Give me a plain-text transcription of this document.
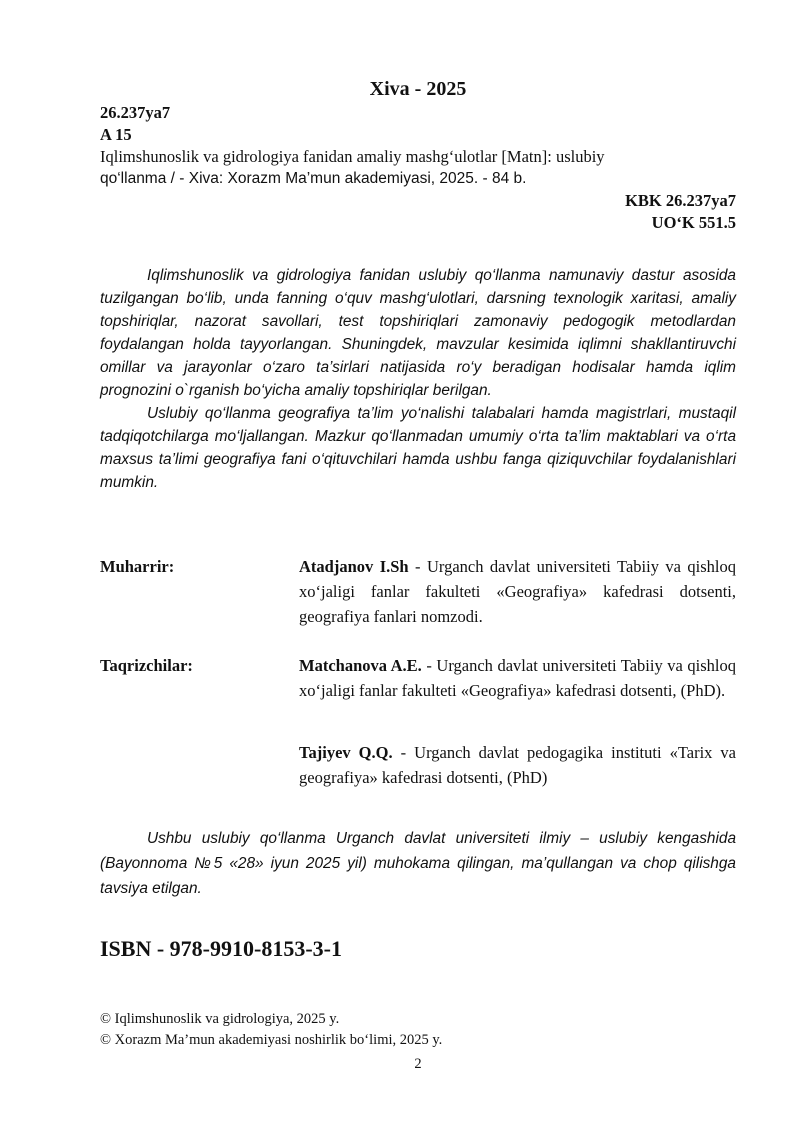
Xiva - 2025
26.237ya7
A 15
Iqlimshunoslik va gidrologiya fanidan amaliy mashg‘ulotlar [Matn]: uslubiy
qo‘llanma / - Xiva: Xorazm Ma’mun akademiyasi, 2025. - 84 b.
KBK 26.237ya7
UO‘K 551.5

Iqlimshunoslik va gidrologiya fanidan uslubiy qo‘llanma namunaviy dastur asosida tuzilgangan bo‘lib, unda fanning o‘quv mashg‘ulotlari, darsning texnologik xaritasi, amaliy topshiriqlar, nazorat savollari, test topshiriqlari zamonaviy pedogogik metodlardan foydalangan holda tayyorlangan. Shuningdek, mavzular kesimida iqlimni shakllantiruvchi omillar va jarayonlar o‘zaro ta’sirlari natijasida ro‘y beradigan hodisalar hamda iqlim prognozini o`rganish bo‘yicha amaliy topshiriqlar berilgan.

Uslubiy qo‘llanma geografiya ta’lim yo‘nalishi talabalari hamda magistrlari, mustaqil tadqiqotchilarga mo‘ljallangan. Mazkur qo‘llanmadan umumiy o‘rta ta’lim maktablari va o‘rta maxsus ta’limi geografiya fani o‘qituvchilari hamda ushbu fanga qiziquvchilar foydalanishlari mumkin.

Muharrir:	Atadjanov I.Sh - Urganch davlat universiteti Tabiiy va qishloq xo‘jaligi fanlar fakulteti «Geografiya» kafedrasi dotsenti, geografiya fanlari nomzodi.
Taqrizchilar:	Matchanova A.E. - Urganch davlat universiteti Tabiiy va qishloq xo‘jaligi fanlar fakulteti «Geografiya» kafedrasi dotsenti, (PhD).
Tajiyev Q.Q. - Urganch davlat pedogagika instituti «Tarix va geografiya» kafedrasi dotsenti, (PhD)

Ushbu uslubiy qo‘llanma Urganch davlat universiteti ilmiy – uslubiy kengashida (Bayonnoma №5 «28» iyun 2025 yil) muhokama qilingan, ma’qullangan va chop qilishga tavsiya etilgan.

ISBN - 978-9910-8153-3-1
© Iqlimshunoslik va gidrologiya, 2025 y.
© Xorazm Ma’mun akademiyasi noshirlik bo‘limi, 2025 y.
2
